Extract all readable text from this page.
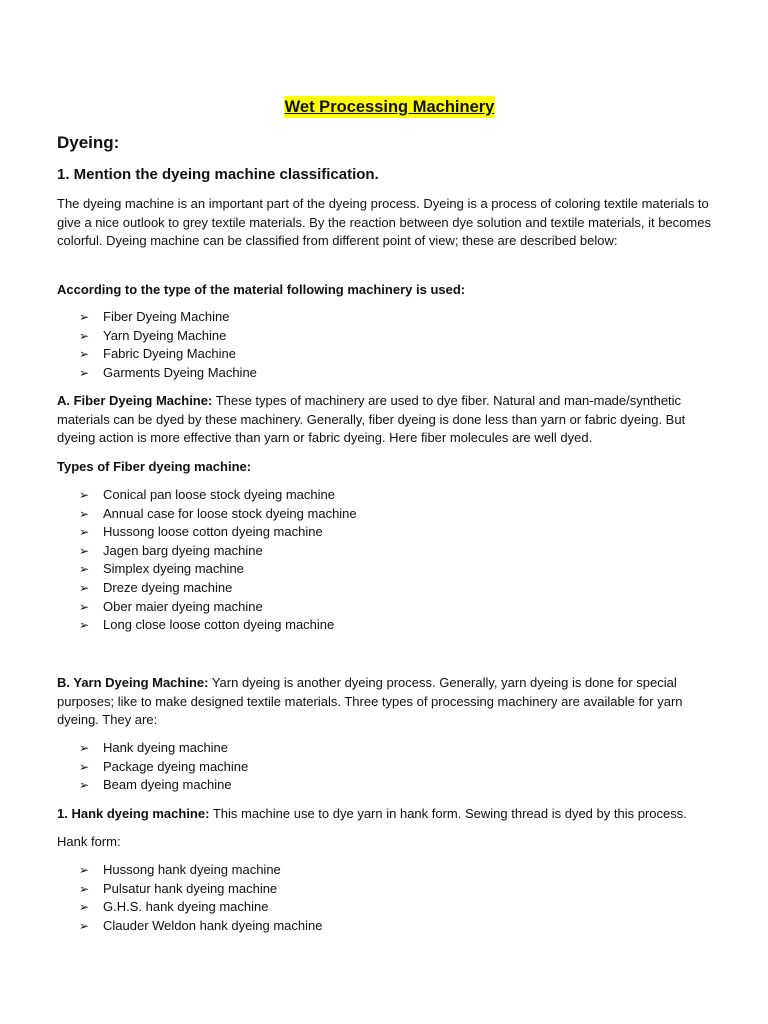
Wet Processing Machinery
Dyeing:
1. Mention the dyeing machine classification.

The dyeing machine is an important part of the dyeing process. Dyeing is a process of coloring textile materials to give a nice outlook to grey textile materials. By the reaction between dye solution and textile materials, it becomes colorful. Dyeing machine can be classified from different point of view; these are described below:

According to the type of the material following machinery is used:

➢ Fiber Dyeing Machine
➢ Yarn Dyeing Machine
➢ Fabric Dyeing Machine
➢ Garments Dyeing Machine

A. Fiber Dyeing Machine: These types of machinery are used to dye fiber. Natural and man-made/synthetic materials can be dyed by these machinery. Generally, fiber dyeing is done less than yarn or fabric dyeing. But dyeing action is more effective than yarn or fabric dyeing. Here fiber molecules are well dyed.

Types of Fiber dyeing machine:

➢ Conical pan loose stock dyeing machine
➢ Annual case for loose stock dyeing machine
➢ Hussong loose cotton dyeing machine
➢ Jagen barg dyeing machine
➢ Simplex dyeing machine
➢ Dreze dyeing machine
➢ Ober maier dyeing machine
➢ Long close loose cotton dyeing machine

B. Yarn Dyeing Machine: Yarn dyeing is another dyeing process. Generally, yarn dyeing is done for special purposes; like to make designed textile materials. Three types of processing machinery are available for yarn dyeing. They are:

➢ Hank dyeing machine
➢ Package dyeing machine
➢ Beam dyeing machine

1. Hank dyeing machine: This machine use to dye yarn in hank form. Sewing thread is dyed by this process.

Hank form:

➢ Hussong hank dyeing machine
➢ Pulsatur hank dyeing machine
➢ G.H.S. hank dyeing machine
➢ Clauder Weldon hank dyeing machine
